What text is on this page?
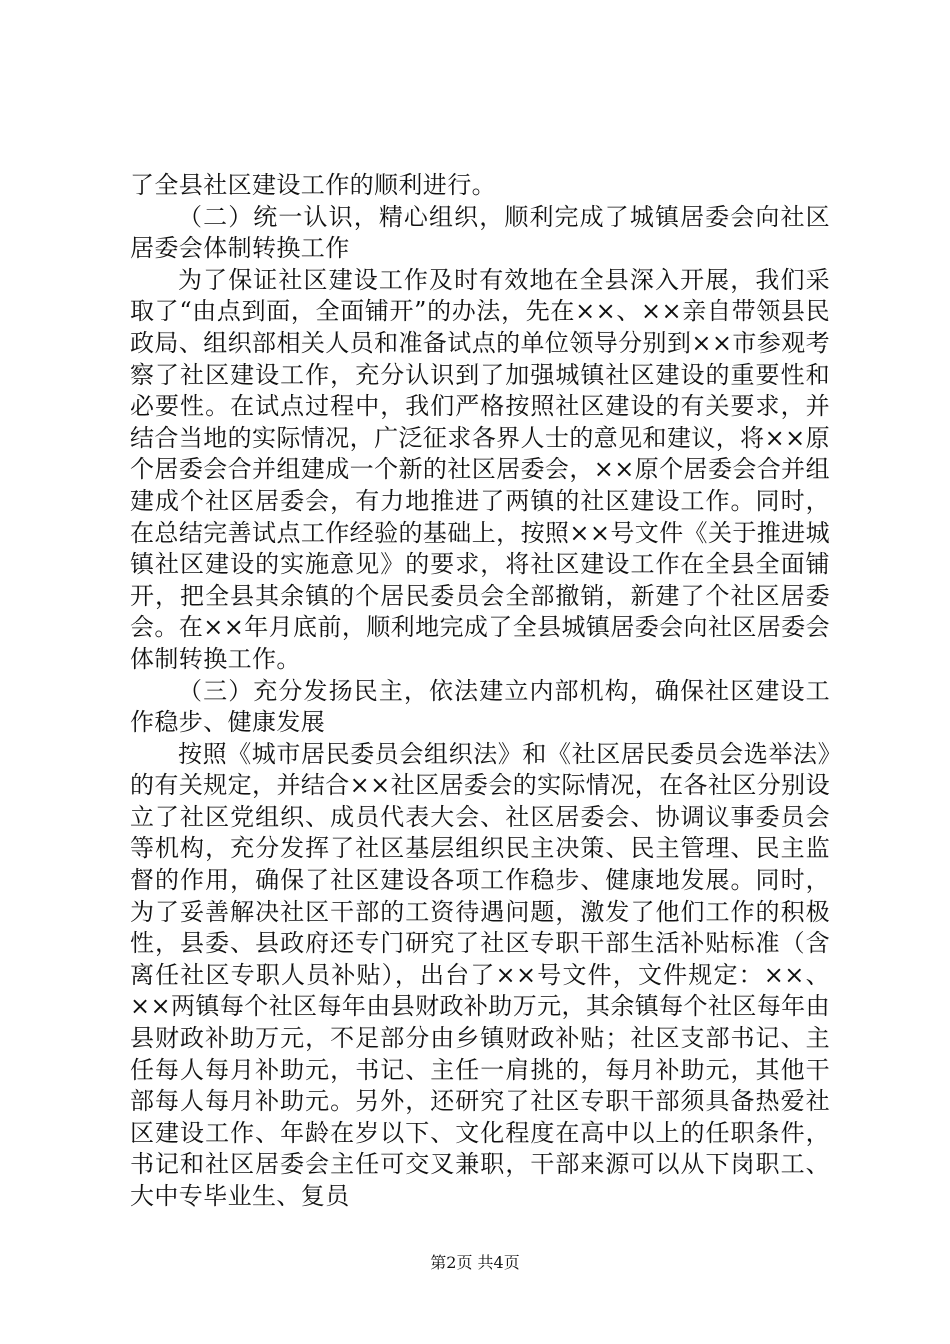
了全县社区建设工作的顺利进行。

（二）统一认识，精心组织，顺利完成了城镇居委会向社区居委会体制转换工作

为了保证社区建设工作及时有效地在全县深入开展，我们采取了“由点到面，全面铺开”的办法，先在××、××亲自带领县民政局、组织部相关人员和准备试点的单位领导分别到××市参观考察了社区建设工作，充分认识到了加强城镇社区建设的重要性和必要性。在试点过程中，我们严格按照社区建设的有关要求，并结合当地的实际情况，广泛征求各界人士的意见和建议，将××原个居委会合并组建成一个新的社区居委会，××原个居委会合并组建成个社区居委会，有力地推进了两镇的社区建设工作。同时，在总结完善试点工作经验的基础上，按照××号文件《关于推进城镇社区建设的实施意见》的要求，将社区建设工作在全县全面铺开，把全县其余镇的个居民委员会全部撤销，新建了个社区居委会。在××年月底前，顺利地完成了全县城镇居委会向社区居委会体制转换工作。

（三）充分发扬民主，依法建立内部机构，确保社区建设工作稳步、健康发展

按照《城市居民委员会组织法》和《社区居民委员会选举法》的有关规定，并结合××社区居委会的实际情况，在各社区分别设立了社区党组织、成员代表大会、社区居委会、协调议事委员会等机构，充分发挥了社区基层组织民主决策、民主管理、民主监督的作用，确保了社区建设各项工作稳步、健康地发展。同时，为了妥善解决社区干部的工资待遇问题，激发了他们工作的积极性，县委、县政府还专门研究了社区专职干部生活补贴标准（含离任社区专职人员补贴），出台了××号文件，文件规定：××、××两镇每个社区每年由县财政补助万元，其余镇每个社区每年由县财政补助万元，不足部分由乡镇财政补贴；社区支部书记、主任每人每月补助元，书记、主任一肩挑的，每月补助元，其他干部每人每月补助元。另外，还研究了社区专职干部须具备热爱社区建设工作、年龄在岁以下、文化程度在高中以上的任职条件，书记和社区居委会主任可交叉兼职，干部来源可以从下岗职工、大中专毕业生、复员

第2页 共4页
